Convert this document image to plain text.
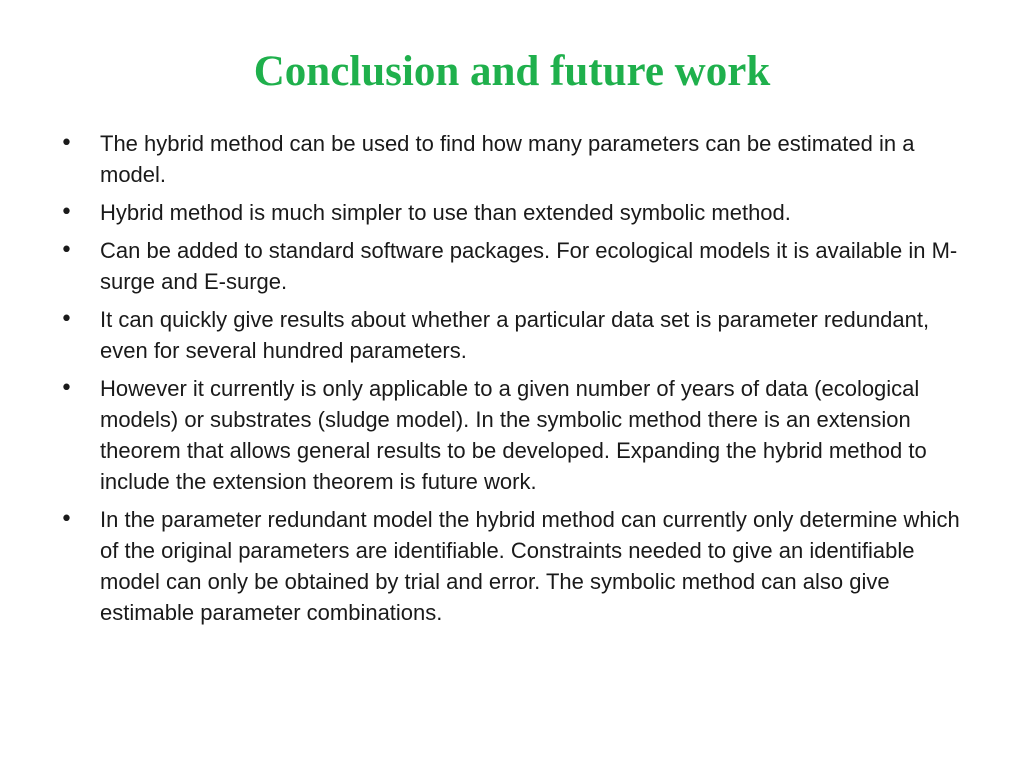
Conclusion and future work
•	The hybrid method can be used to find how many parameters can be estimated in a model.
•	Hybrid method is much simpler to use than extended symbolic method.
•	Can be added to standard software packages. For ecological models it is available in M-surge and E-surge.
•	It can quickly give results about whether a particular data set is parameter redundant, even for several hundred parameters.
•	However it currently is only applicable to a given number of years of data (ecological models) or substrates (sludge model). In the symbolic method there is an extension theorem that allows general results to be developed. Expanding the hybrid method to include the extension theorem is future work.
•	In the parameter redundant model the hybrid method can currently only determine which of the original parameters are identifiable. Constraints needed to give an identifiable model can only be obtained by trial and error. The symbolic method can also give estimable parameter combinations.
